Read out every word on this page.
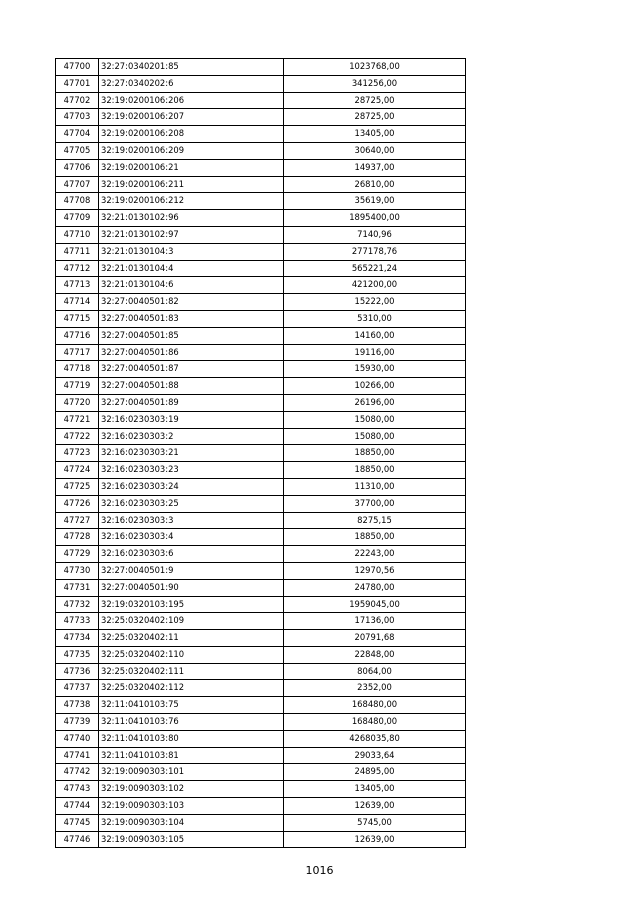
47700	32:27:0340201:85	1023768,00
47701	32:27:0340202:6	341256,00
47702	32:19:0200106:206	28725,00
47703	32:19:0200106:207	28725,00
47704	32:19:0200106:208	13405,00
47705	32:19:0200106:209	30640,00
47706	32:19:0200106:21	14937,00
47707	32:19:0200106:211	26810,00
47708	32:19:0200106:212	35619,00
47709	32:21:0130102:96	1895400,00
47710	32:21:0130102:97	7140,96
47711	32:21:0130104:3	277178,76
47712	32:21:0130104:4	565221,24
47713	32:21:0130104:6	421200,00
47714	32:27:0040501:82	15222,00
47715	32:27:0040501:83	5310,00
47716	32:27:0040501:85	14160,00
47717	32:27:0040501:86	19116,00
47718	32:27:0040501:87	15930,00
47719	32:27:0040501:88	10266,00
47720	32:27:0040501:89	26196,00
47721	32:16:0230303:19	15080,00
47722	32:16:0230303:2	15080,00
47723	32:16:0230303:21	18850,00
47724	32:16:0230303:23	18850,00
47725	32:16:0230303:24	11310,00
47726	32:16:0230303:25	37700,00
47727	32:16:0230303:3	8275,15
47728	32:16:0230303:4	18850,00
47729	32:16:0230303:6	22243,00
47730	32:27:0040501:9	12970,56
47731	32:27:0040501:90	24780,00
47732	32:19:0320103:195	1959045,00
47733	32:25:0320402:109	17136,00
47734	32:25:0320402:11	20791,68
47735	32:25:0320402:110	22848,00
47736	32:25:0320402:111	8064,00
47737	32:25:0320402:112	2352,00
47738	32:11:0410103:75	168480,00
47739	32:11:0410103:76	168480,00
47740	32:11:0410103:80	4268035,80
47741	32:11:0410103:81	29033,64
47742	32:19:0090303:101	24895,00
47743	32:19:0090303:102	13405,00
47744	32:19:0090303:103	12639,00
47745	32:19:0090303:104	5745,00
47746	32:19:0090303:105	12639,00
1016
